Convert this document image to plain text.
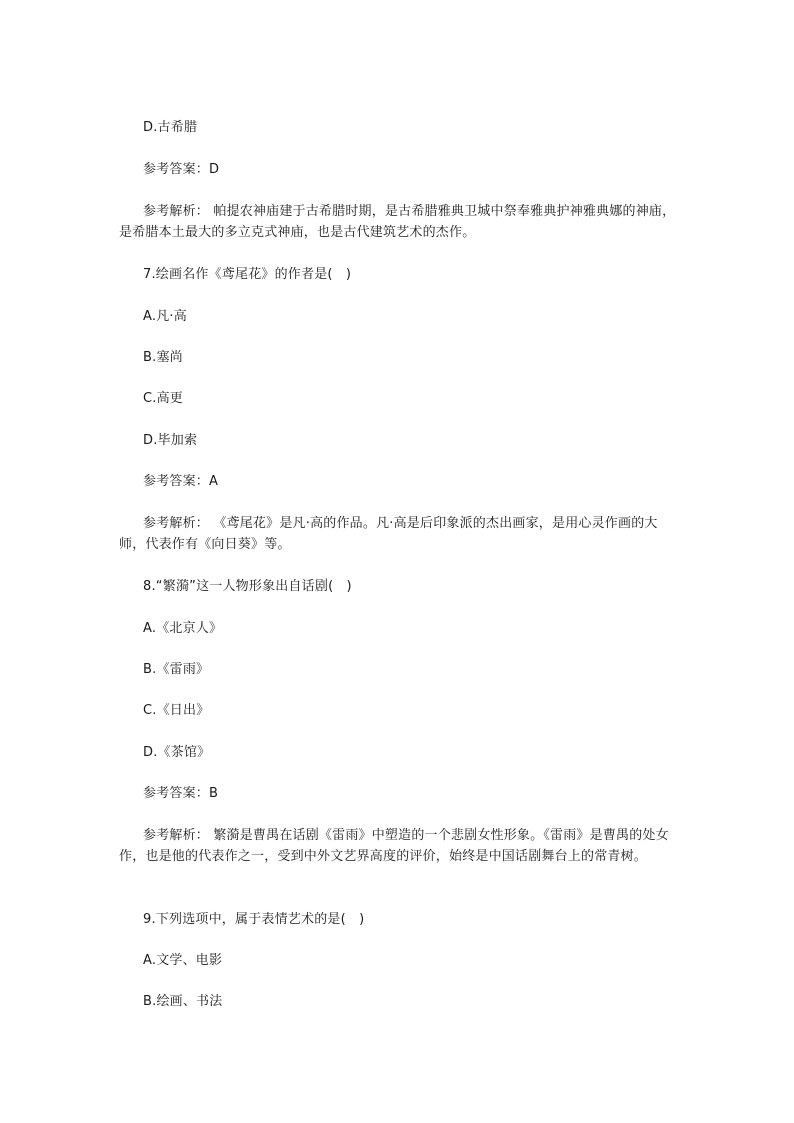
D.古希腊
参考答案：D
参考解析： 帕提农神庙建于古希腊时期，是古希腊雅典卫城中祭奉雅典护神雅典娜的神庙，是希腊本土最大的多立克式神庙，也是古代建筑艺术的杰作。
7.绘画名作《鸢尾花》的作者是(　)
A.凡·高
B.塞尚
C.高更
D.毕加索
参考答案：A
参考解析： 《鸢尾花》是凡·高的作品。凡·高是后印象派的杰出画家，是用心灵作画的大师，代表作有《向日葵》等。
8.“繁漪”这一人物形象出自话剧(　)
A.《北京人》
B.《雷雨》
C.《日出》
D.《茶馆》
参考答案：B
参考解析： 繁漪是曹禺在话剧《雷雨》中塑造的一个悲剧女性形象。《雷雨》是曹禺的处女作，也是他的代表作之一，受到中外文艺界高度的评价，始终是中国话剧舞台上的常青树。
9.下列选项中，属于表情艺术的是(　)
A.文学、电影
B.绘画、书法
